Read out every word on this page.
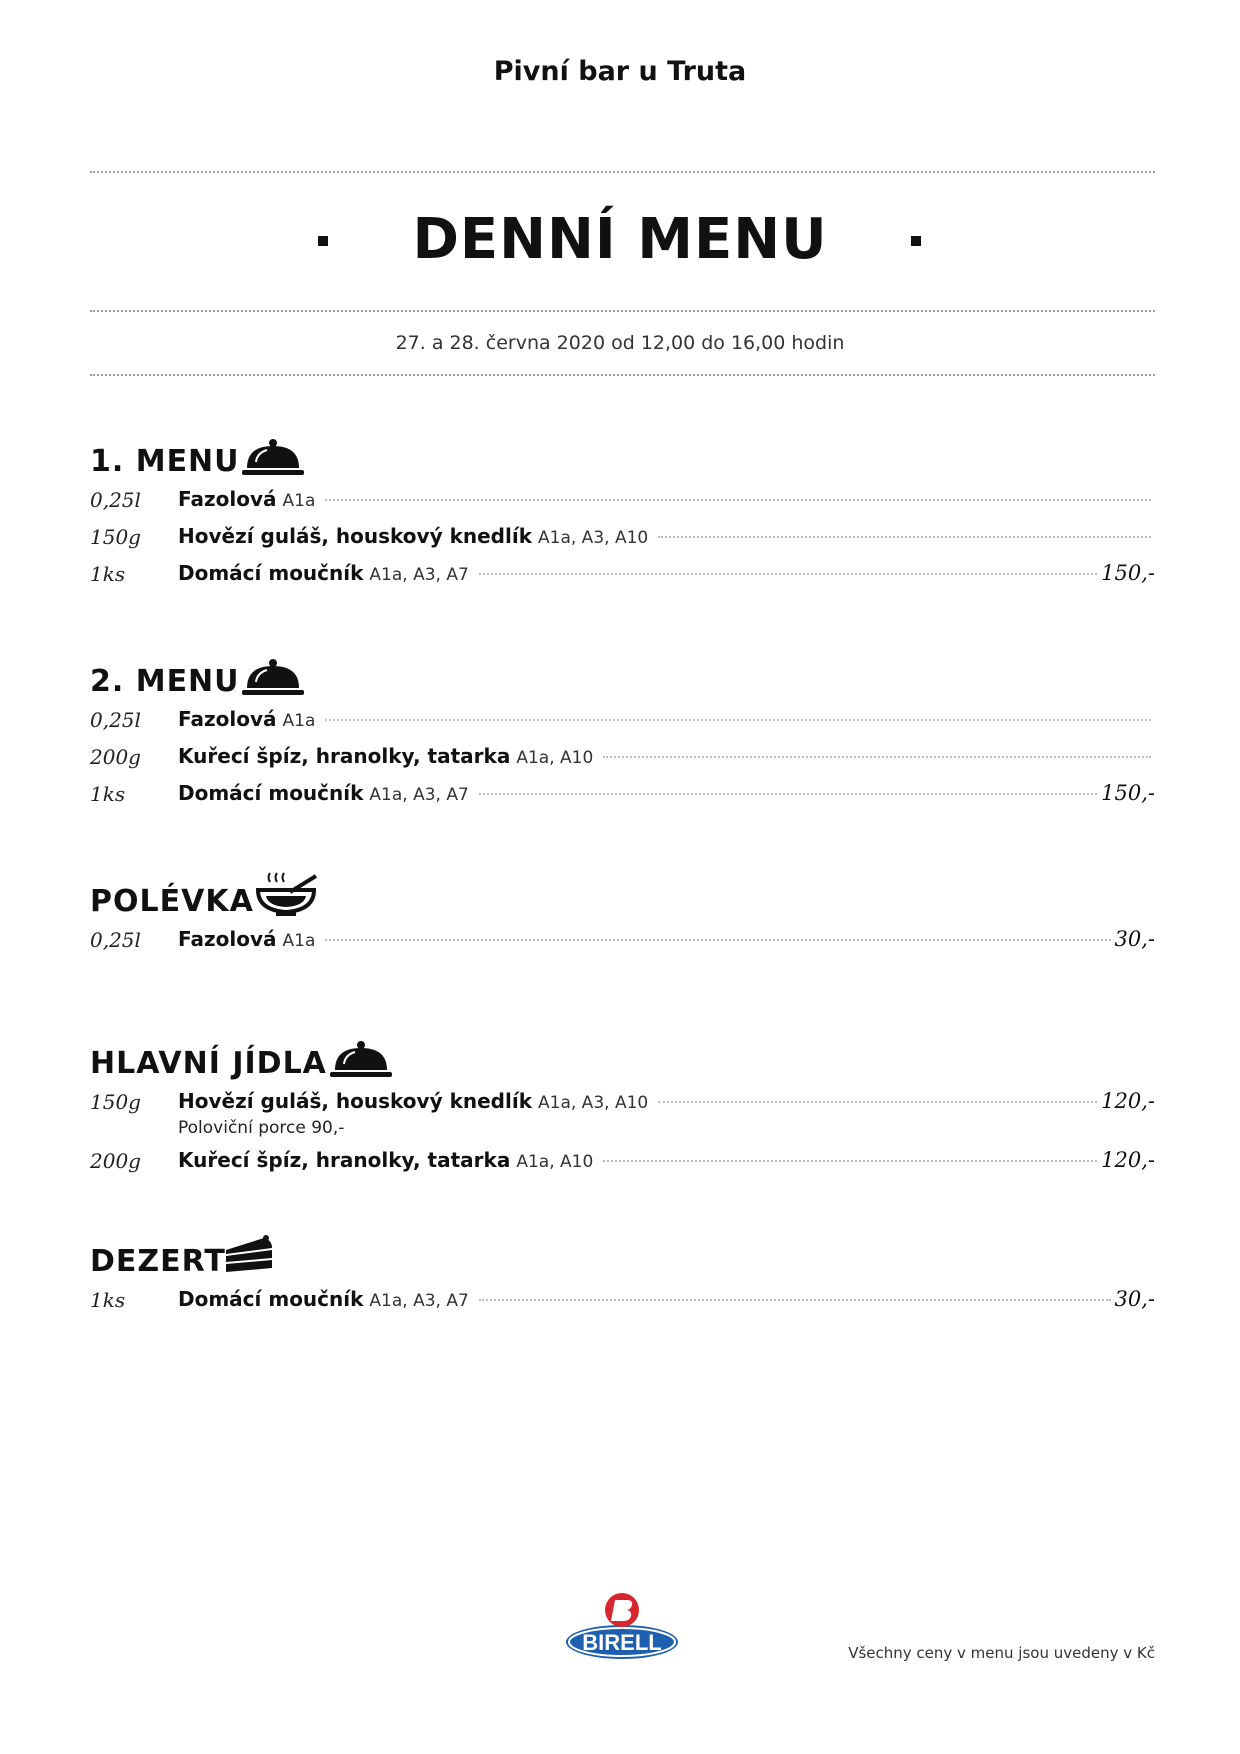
Pivní bar u Truta
DENNÍ MENU
27. a 28. června 2020 od 12,00 do 16,00 hodin
1. MENU
0,25l Fazolová A1a
150g Hovězí guláš, houskový knedlík A1a, A3, A10
1ks	Domácí moučník A1a, A3, A7	150,-
2. MENU
0,25l Fazolová A1a
200g Kuřecí špíz, hranolky, tatarka A1a, A10
1ks	Domácí moučník A1a, A3, A7	150,-
POLÉVKA
0,25l Fazolová A1a	30,-
HLAVNÍ JÍDLA
150g Hovězí guláš, houskový knedlík A1a, A3, A10	120,-
Poloviční porce 90,-
200g Kuřecí špíz, hranolky, tatarka A1a, A10	120,-
DEZERT
1ks	Domácí moučník A1a, A3, A7	30,-
BIRELL	Všechny ceny v menu jsou uvedeny v Kč
